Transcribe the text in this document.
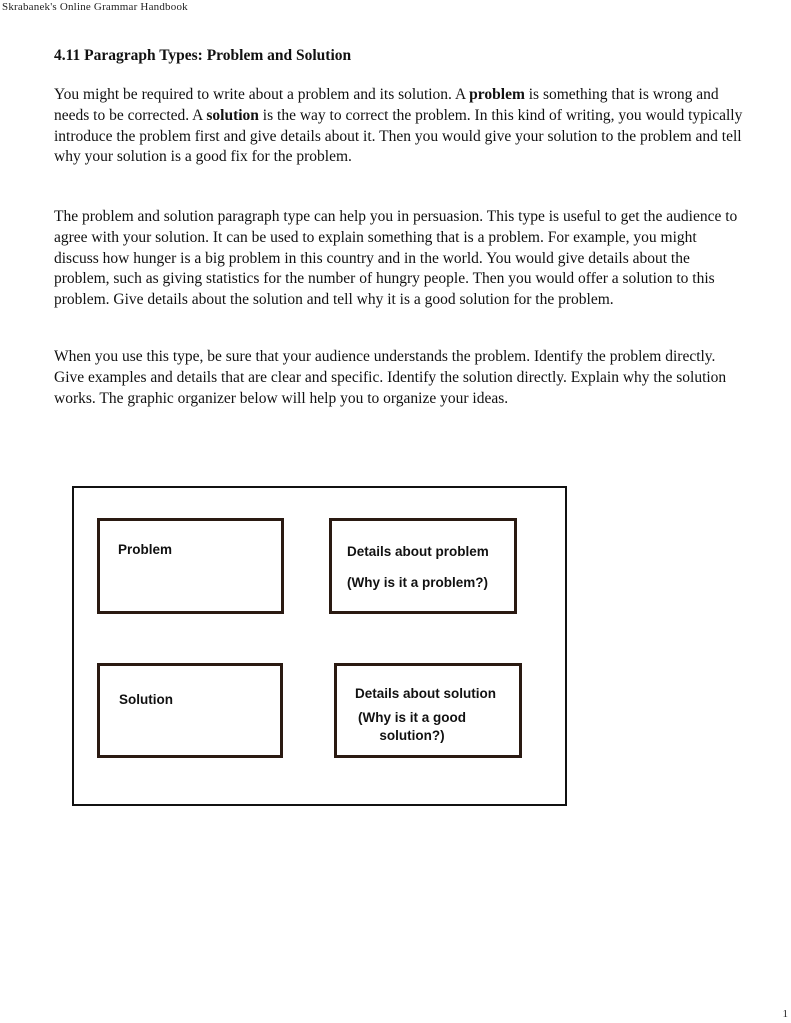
Skrabanek's Online Grammar Handbook
4.11 Paragraph Types: Problem and Solution

You might be required to write about a problem and its solution. A problem is something that is wrong and needs to be corrected. A solution is the way to correct the problem. In this kind of writing, you would typically introduce the problem first and give details about it. Then you would give your solution to the problem and tell why your solution is a good fix for the problem.

The problem and solution paragraph type can help you in persuasion. This type is useful to get the audience to agree with your solution. It can be used to explain something that is a problem. For example, you might discuss how hunger is a big problem in this country and in the world. You would give details about the problem, such as giving statistics for the number of hungry people. Then you would offer a solution to this problem. Give details about the solution and tell why it is a good solution for the problem.

When you use this type, be sure that your audience understands the problem. Identify the problem directly. Give examples and details that are clear and specific. Identify the solution directly. Explain why the solution works. The graphic organizer below will help you to organize your ideas.

Problem	Details about problem
(Why is it a problem?)
Solution	Details about solution
(Why is it a good
solution?)
1
